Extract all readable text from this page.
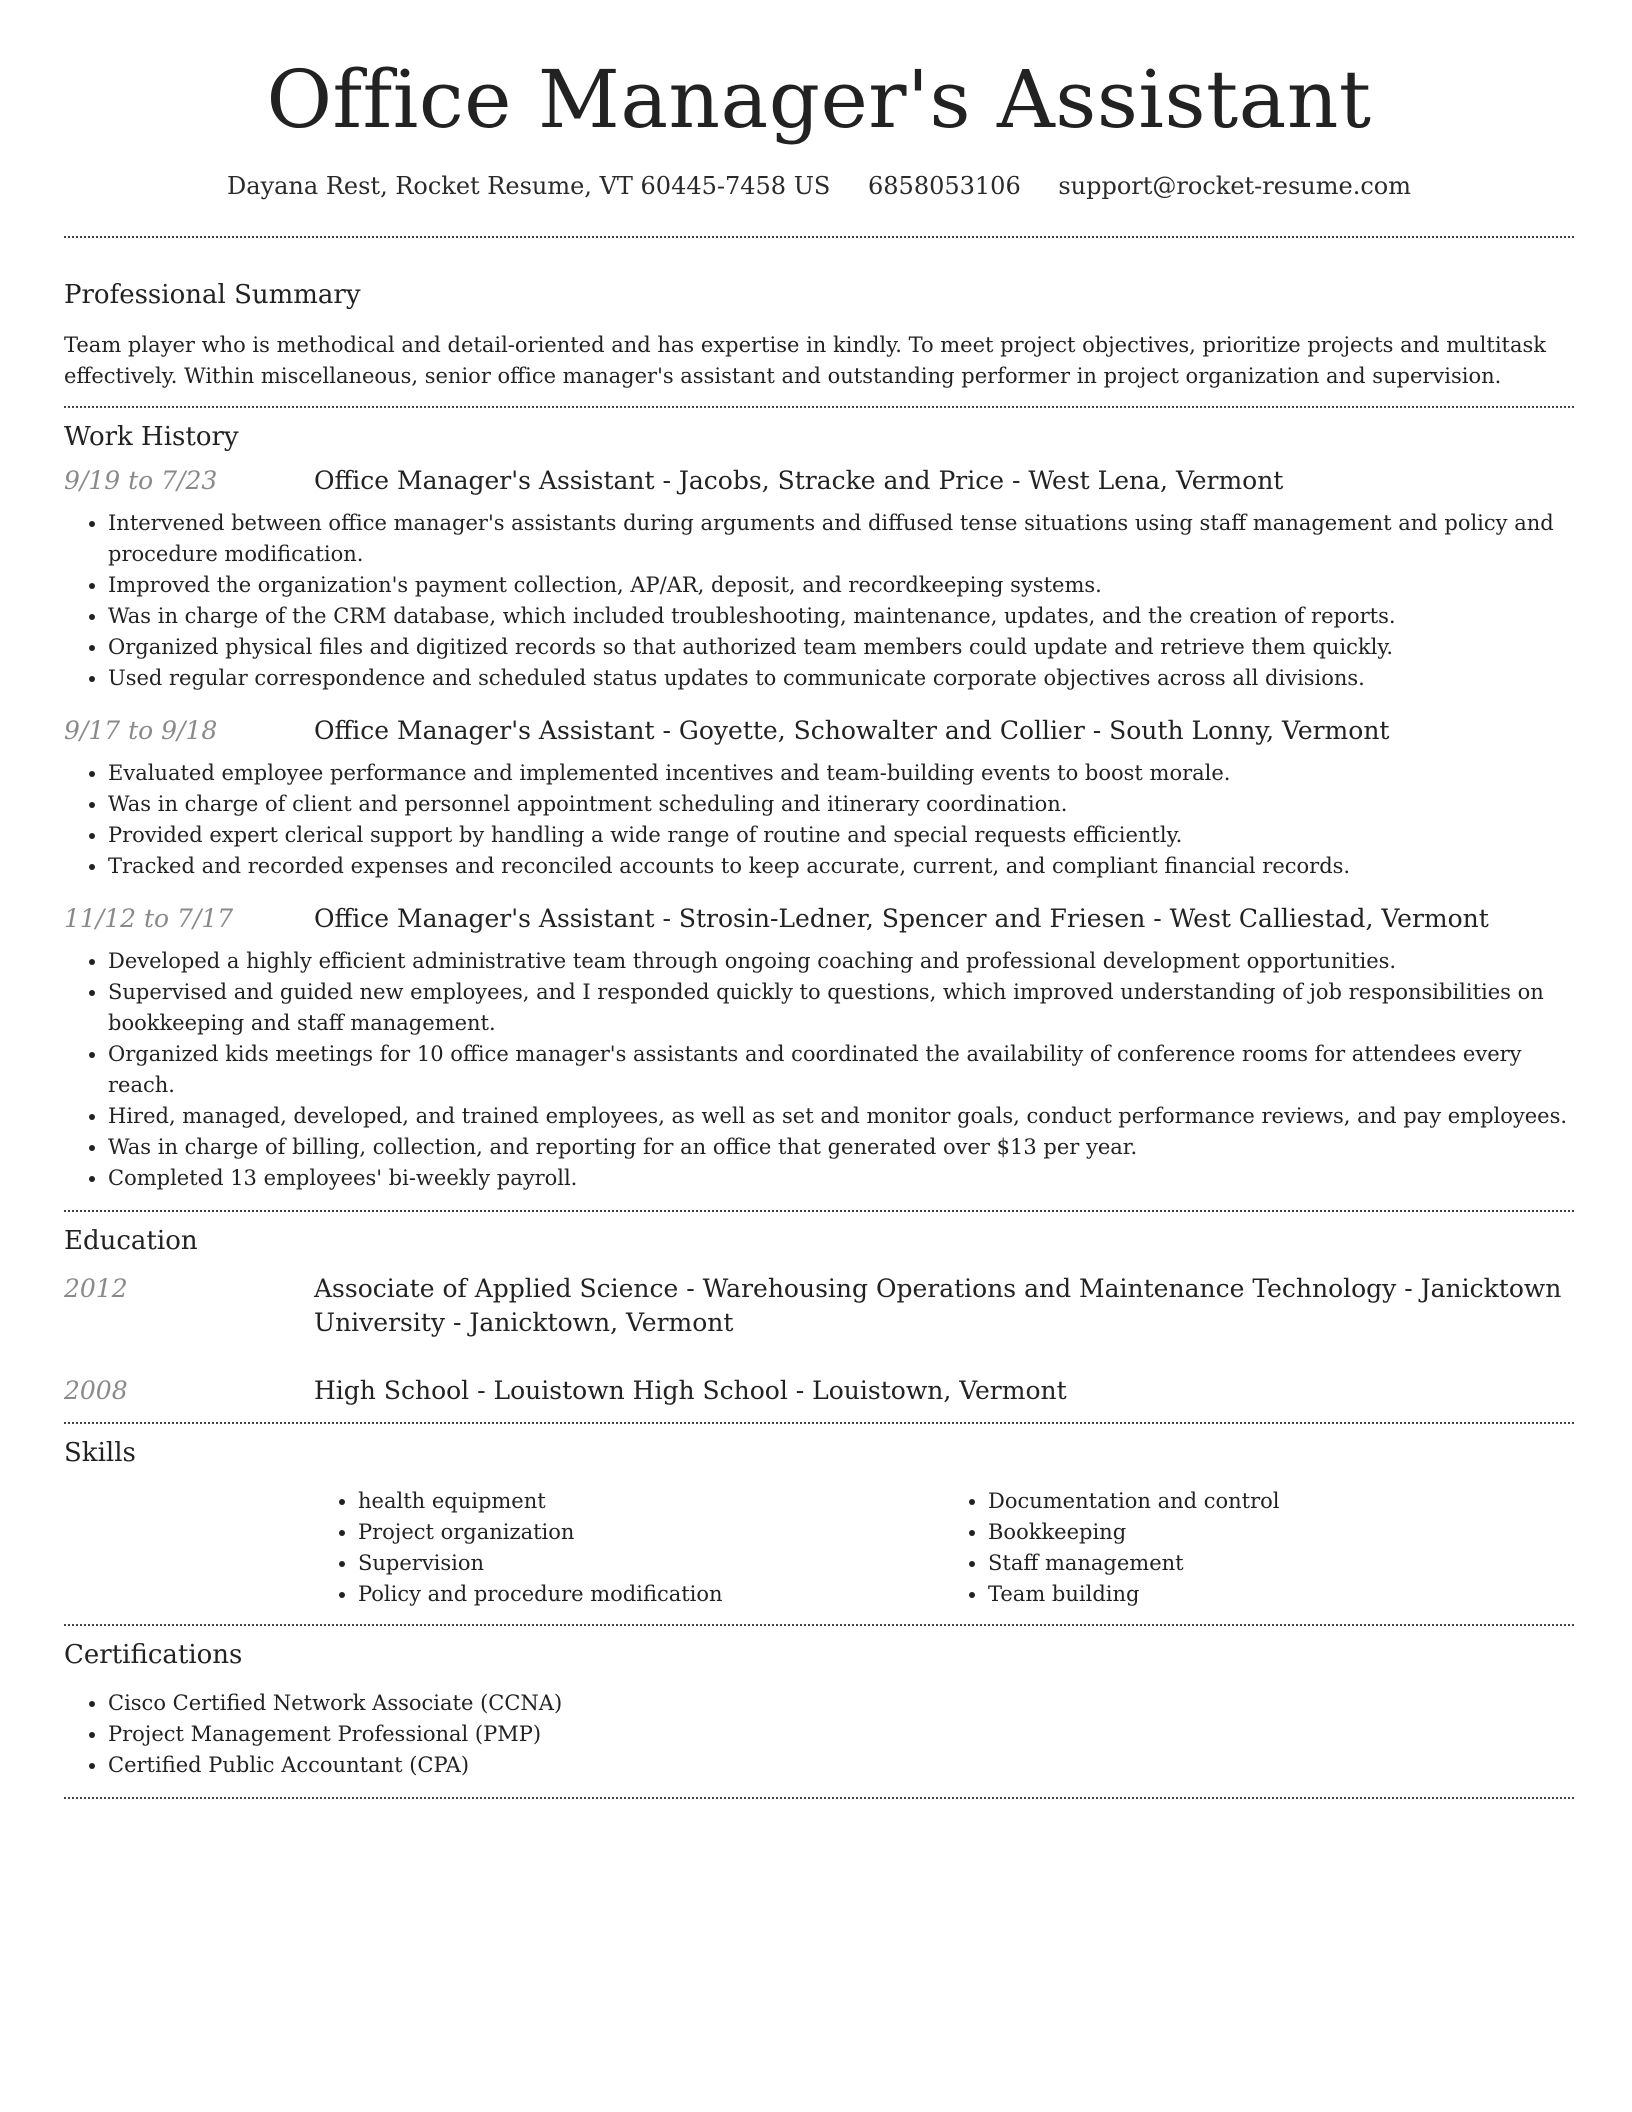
Office Manager's Assistant
Dayana Rest, Rocket Resume, VT 60445-7458 US 6858053106 support@rocket-resume.com
Professional Summary

Team player who is methodical and detail-oriented and has expertise in kindly. To meet project objectives, prioritize projects and multitask effectively. Within miscellaneous, senior office manager's assistant and outstanding performer in project organization and supervision.

Work History
9/19 to 7/23	Office Manager's Assistant - Jacobs, Stracke and Price - West Lena, Vermont
• Intervened between office manager's assistants during arguments and diffused tense situations using staff management and policy and procedure modification.
• Improved the organization's payment collection, AP/AR, deposit, and recordkeeping systems.
• Was in charge of the CRM database, which included troubleshooting, maintenance, updates, and the creation of reports.
• Organized physical files and digitized records so that authorized team members could update and retrieve them quickly.
• Used regular correspondence and scheduled status updates to communicate corporate objectives across all divisions.
9/17 to 9/18	Office Manager's Assistant - Goyette, Schowalter and Collier - South Lonny, Vermont
• Evaluated employee performance and implemented incentives and team-building events to boost morale.
• Was in charge of client and personnel appointment scheduling and itinerary coordination.
• Provided expert clerical support by handling a wide range of routine and special requests efficiently.
• Tracked and recorded expenses and reconciled accounts to keep accurate, current, and compliant financial records.
11/12 to 7/17	Office Manager's Assistant - Strosin-Ledner, Spencer and Friesen - West Calliestad, Vermont
• Developed a highly efficient administrative team through ongoing coaching and professional development opportunities.
• Supervised and guided new employees, and I responded quickly to questions, which improved understanding of job responsibilities on bookkeeping and staff management.
• Organized kids meetings for 10 office manager's assistants and coordinated the availability of conference rooms for attendees every reach.
• Hired, managed, developed, and trained employees, as well as set and monitor goals, conduct performance reviews, and pay employees.
• Was in charge of billing, collection, and reporting for an office that generated over $13 per year.
• Completed 13 employees' bi-weekly payroll.
Education
2012	Associate of Applied Science - Warehousing Operations and Maintenance Technology - Janicktown University - Janicktown, Vermont
2008	High School - Louistown High School - Louistown, Vermont
Skills
• health equipment
• Project organization
• Supervision
• Policy and procedure modification
• Documentation and control
• Bookkeeping
• Staff management
• Team building
Certifications
• Cisco Certified Network Associate (CCNA)
• Project Management Professional (PMP)
• Certified Public Accountant (CPA)
